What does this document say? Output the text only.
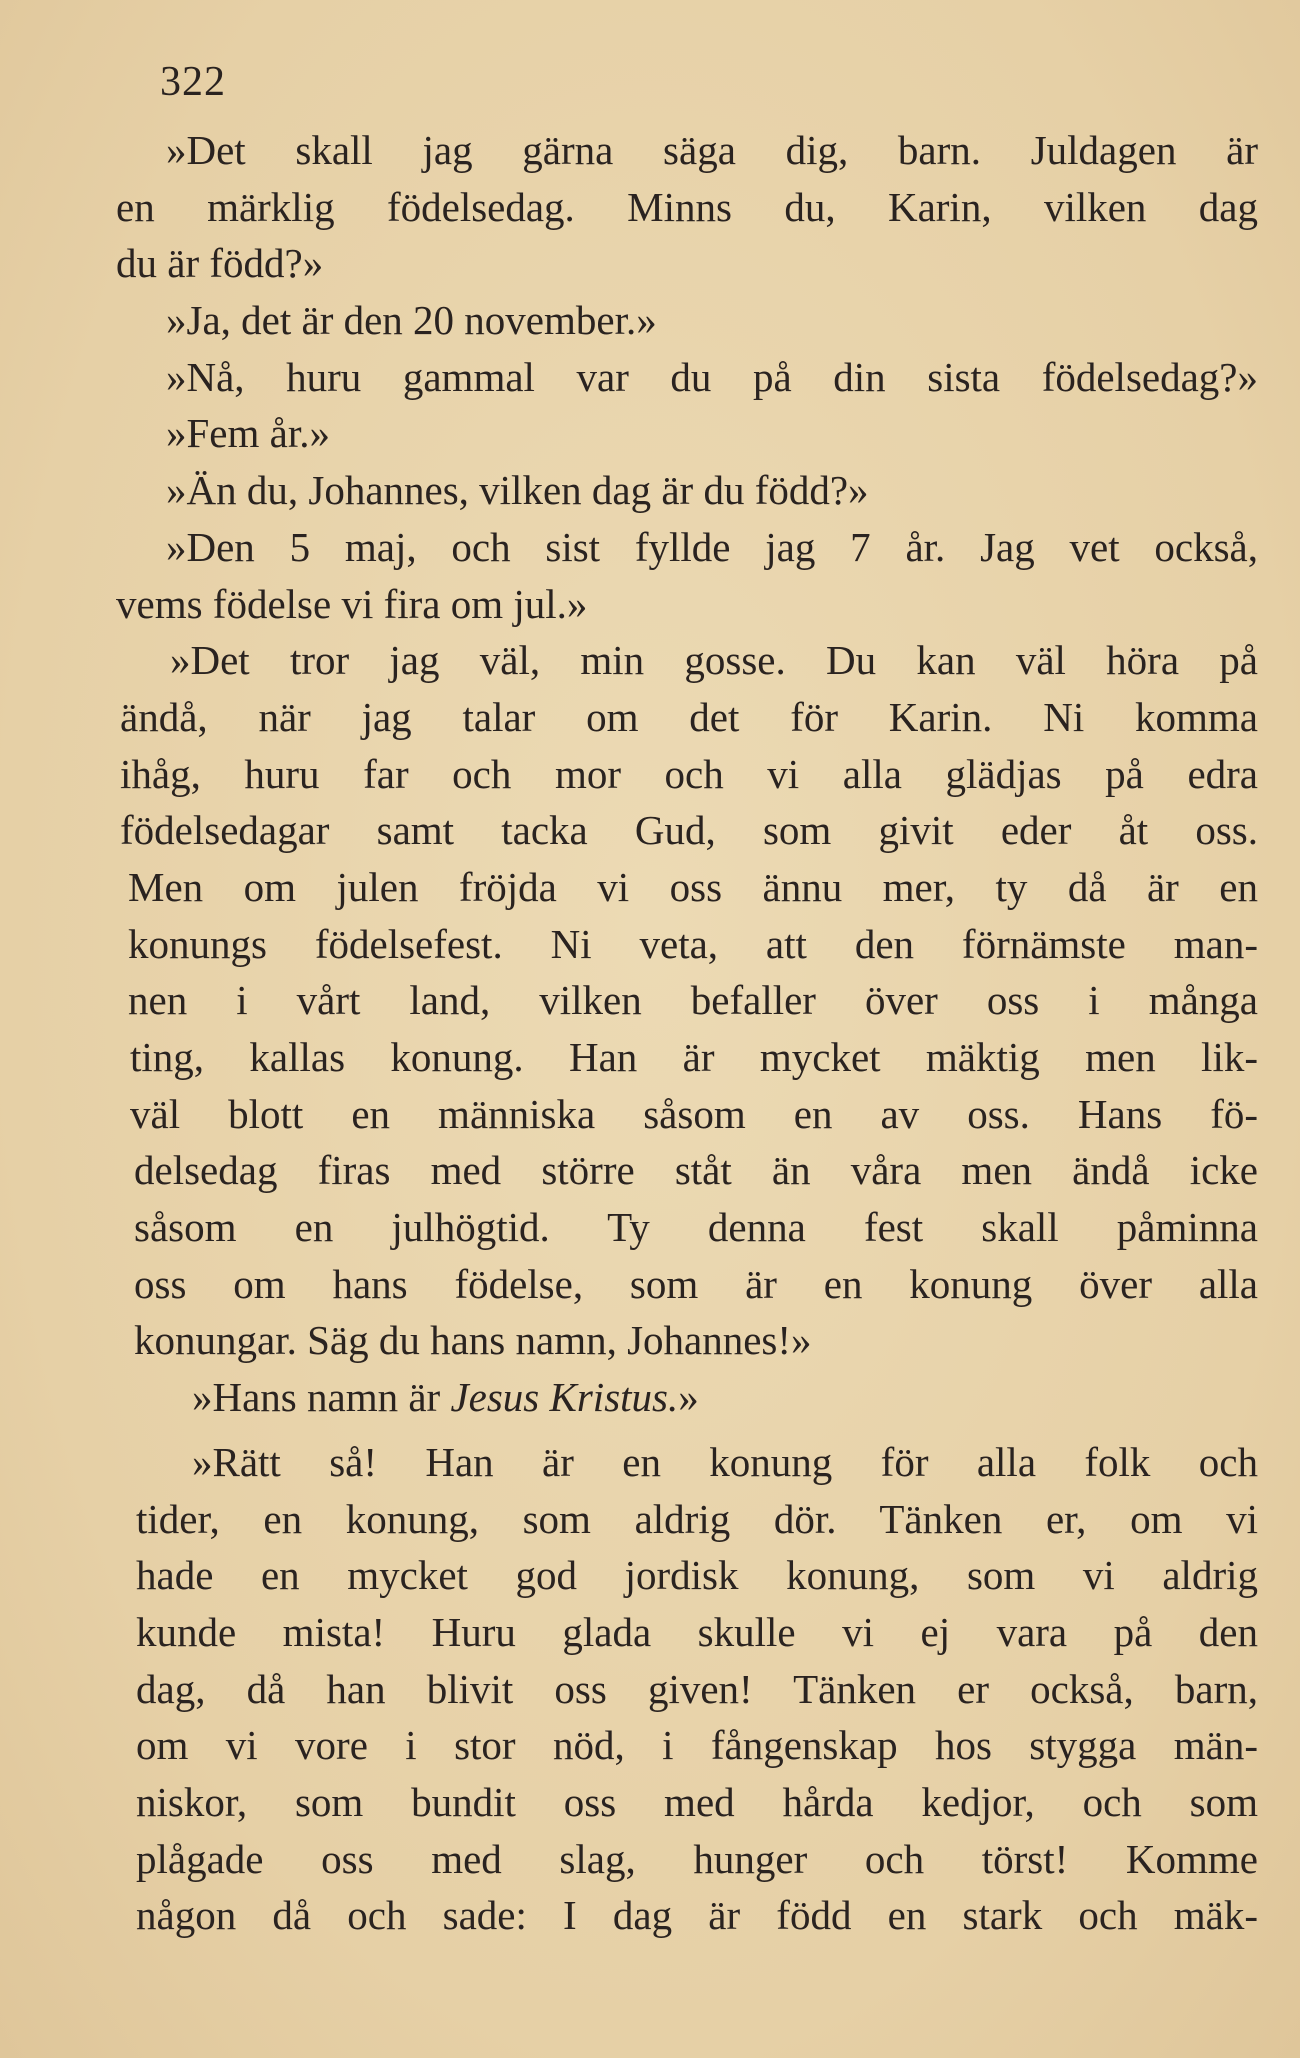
322
»Det skall jag gärna säga dig, barn. Juldagen är
en märklig födelsedag. Minns du, Karin, vilken dag
du är född?»
»Ja, det är den 20 november.»
»Nå, huru gammal var du på din sista födelsedag?»
»Fem år.»
»Än du, Johannes, vilken dag är du född?»
»Den 5 maj, och sist fyllde jag 7 år. Jag vet också,
vems födelse vi fira om jul.»
»Det tror jag väl, min gosse. Du kan väl höra på
ändå, när jag talar om det för Karin. Ni komma
ihåg, huru far och mor och vi alla glädjas på edra
födelsedagar samt tacka Gud, som givit eder åt oss.
Men om julen fröjda vi oss ännu mer, ty då är en
konungs födelsefest. Ni veta, att den förnämste man-
nen i vårt land, vilken befaller över oss i många
ting, kallas konung. Han är mycket mäktig men lik-
väl blott en människa såsom en av oss. Hans fö-
delsedag firas med större ståt än våra men ändå icke
såsom en julhögtid. Ty denna fest skall påminna
oss om hans födelse, som är en konung över alla
konungar. Säg du hans namn, Johannes!»
»Hans namn är Jesus Kristus.»
»Rätt så! Han är en konung för alla folk och
tider, en konung, som aldrig dör. Tänken er, om vi
hade en mycket god jordisk konung, som vi aldrig
kunde mista! Huru glada skulle vi ej vara på den
dag, då han blivit oss given! Tänken er också, barn,
om vi vore i stor nöd, i fångenskap hos stygga män-
niskor, som bundit oss med hårda kedjor, och som
plågade oss med slag, hunger och törst! Komme
någon då och sade: I dag är född en stark och mäk-
